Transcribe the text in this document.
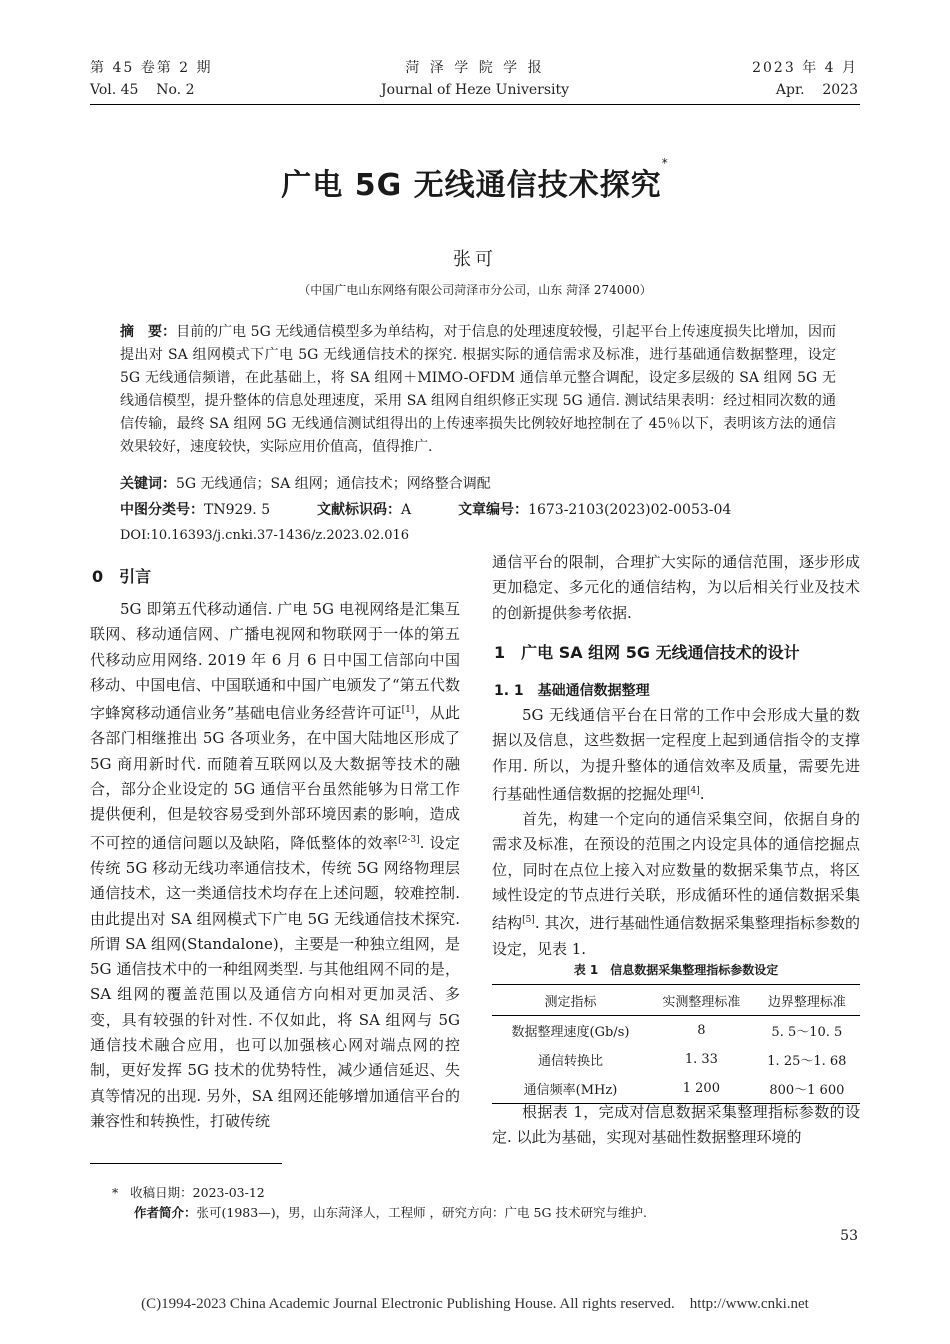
第 45 卷第 2 期
Vol. 45    No. 2
菏 泽 学 院 学 报
Journal of Heze University
2023 年 4 月
Apr.    2023
广电 5G 无线通信技术探究*
张可
（中国广电山东网络有限公司菏泽市分公司，山东 菏泽 274000）
摘　要：目前的广电 5G 无线通信模型多为单结构，对于信息的处理速度较慢，引起平台上传速度损失比增加，因而提出对 SA 组网模式下广电 5G 无线通信技术的探究. 根据实际的通信需求及标准，进行基础通信数据整理，设定 5G 无线通信频谱，在此基础上，将 SA 组网＋MIMO-OFDM 通信单元整合调配，设定多层级的 SA 组网 5G 无线通信模型，提升整体的信息处理速度，采用 SA 组网自组织修正实现 5G 通信. 测试结果表明：经过相同次数的通信传输，最终 SA 组网 5G 无线通信测试组得出的上传速率损失比例较好地控制在了 45％以下，表明该方法的通信效果较好，速度较快，实际应用价值高，值得推广.
关键词：5G 无线通信；SA 组网；通信技术；网络整合调配
中图分类号：TN929. 5	文献标识码：A	文章编号：1673-2103(2023)02-0053-04
DOI:10.16393/j.cnki.37-1436/z.2023.02.016
0　引言

5G 即第五代移动通信. 广电 5G 电视网络是汇集互联网、移动通信网、广播电视网和物联网于一体的第五代移动应用网络. 2019 年 6 月 6 日中国工信部向中国移动、中国电信、中国联通和中国广电颁发了“第五代数字蜂窝移动通信业务”基础电信业务经营许可证[1]，从此各部门相继推出 5G 各项业务，在中国大陆地区形成了 5G 商用新时代. 而随着互联网以及大数据等技术的融合，部分企业设定的 5G 通信平台虽然能够为日常工作提供便利，但是较容易受到外部环境因素的影响，造成不可控的通信问题以及缺陷，降低整体的效率[2-3]. 设定传统 5G 移动无线功率通信技术，传统 5G 网络物理层通信技术，这一类通信技术均存在上述问题，较难控制. 由此提出对 SA 组网模式下广电 5G 无线通信技术探究. 所谓 SA 组网(Standalone)，主要是一种独立组网，是 5G 通信技术中的一种组网类型. 与其他组网不同的是，SA 组网的覆盖范围以及通信方向相对更加灵活、多变，具有较强的针对性. 不仅如此，将 SA 组网与 5G 通信技术融合应用，也可以加强核心网对端点网的控制，更好发挥 5G 技术的优势特性，减少通信延迟、失真等情况的出现. 另外，SA 组网还能够增加通信平台的兼容性和转换性，打破传统

通信平台的限制，合理扩大实际的通信范围，逐步形成更加稳定、多元化的通信结构，为以后相关行业及技术的创新提供参考依据.

1　广电 SA 组网 5G 无线通信技术的设计
1. 1　基础通信数据整理

5G 无线通信平台在日常的工作中会形成大量的数据以及信息，这些数据一定程度上起到通信指令的支撑作用. 所以，为提升整体的通信效率及质量，需要先进行基础性通信数据的挖掘处理[4].

首先，构建一个定向的通信采集空间，依据自身的需求及标准，在预设的范围之内设定具体的通信挖掘点位，同时在点位上接入对应数量的数据采集节点，将区域性设定的节点进行关联，形成循环性的通信数据采集结构[5]. 其次，进行基础性通信数据采集整理指标参数的设定，见表 1.

表 1　信息数据采集整理指标参数设定
测定指标	实测整理标准	边界整理标准
数据整理速度(Gb/s)	8	5. 5～10. 5
通信转换比	1. 33	1. 25～1. 68
通信频率(MHz)	1 200	800～1 600

根据表 1，完成对信息数据采集整理指标参数的设定. 以此为基础，实现对基础性数据整理环境的

* 收稿日期：2023-03-12
作者简介：张可(1983—)，男，山东菏泽人，工程师 ，研究方向：广电 5G 技术研究与维护.
53
(C)1994-2023 China Academic Journal Electronic Publishing House. All rights reserved.    http://www.cnki.net
